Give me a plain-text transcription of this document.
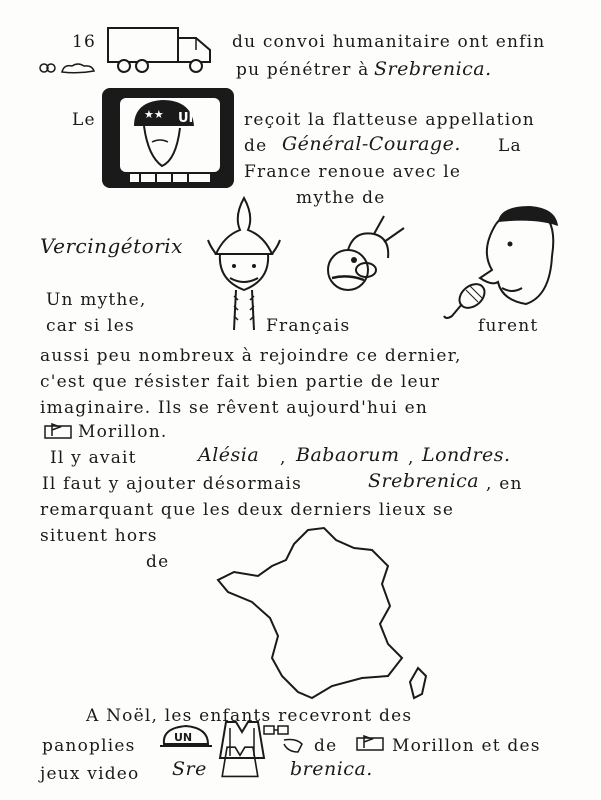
16	du convoi humanitaire ont enfin
pu pénétrer à Srebrenica.
Le	UN
★★	reçoit la flatteuse appellation
de Général-Courage. La
France renoue avec le
mythe de
Vercingétorix
Un mythe,
car si les	Français	furent
aussi peu nombreux à rejoindre ce dernier,
c'est que résister fait bien partie de leur
imaginaire. Ils se rêvent aujourd'hui en
Morillon.
Il y avait	Alésia , Babaorum , Londres.
Il faut y ajouter désormais	Srebrenica , en
remarquant que les deux derniers lieux se
situent hors
de
A Noël, les enfants recevront des
panoplies	UN	de	Morillon et des
jeux video Sre	brenica.
